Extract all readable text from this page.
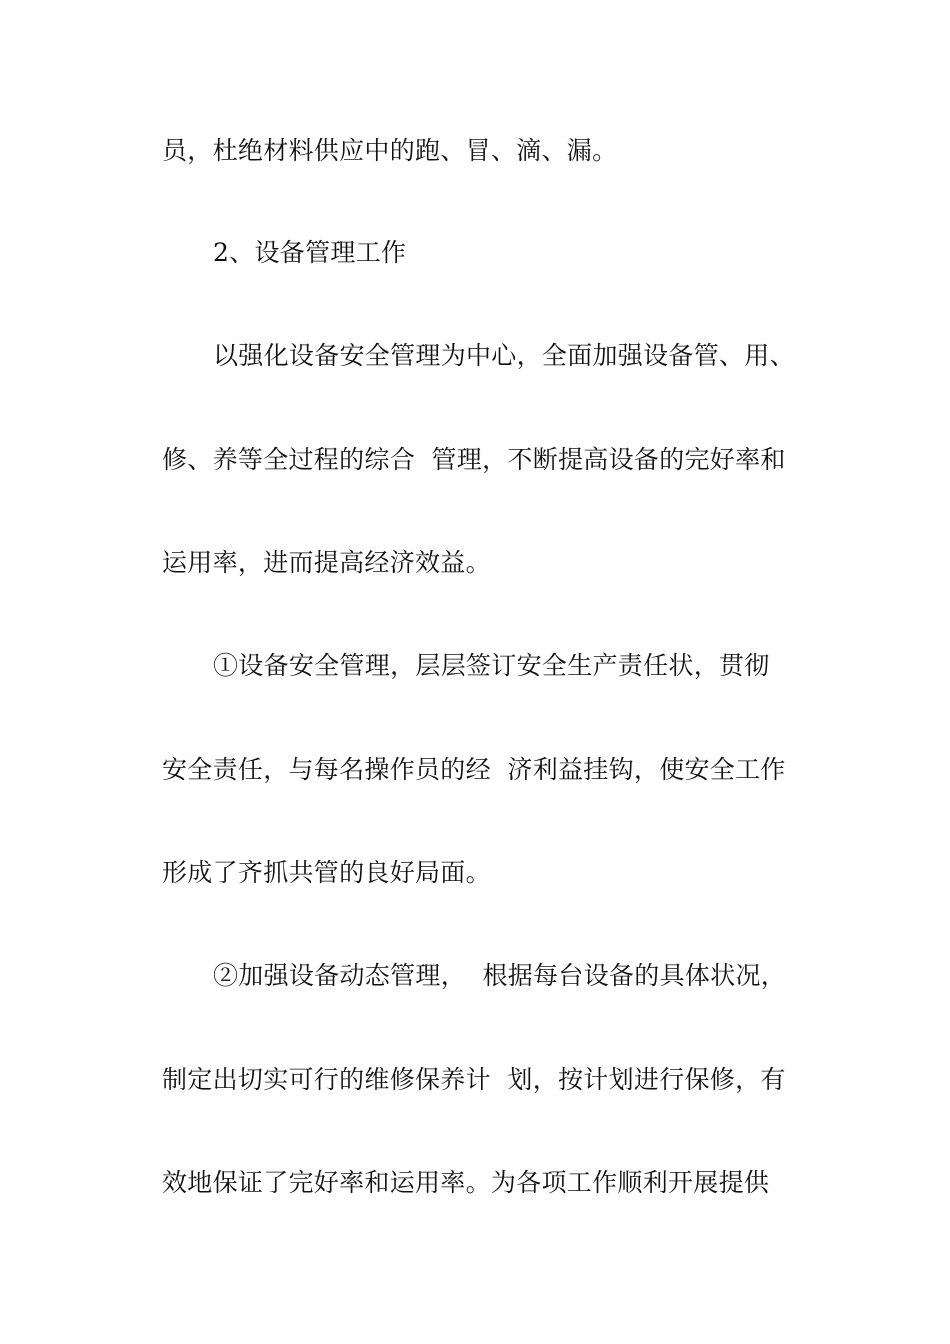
员，杜绝材料供应中的跑、冒、滴、漏。
2、设备管理工作
以强化设备安全管理为中心，全面加强设备管、用、
修、养等全过程的综合  管理，不断提高设备的完好率和
运用率，进而提高经济效益。
①设备安全管理，层层签订安全生产责任状，贯彻
安全责任，与每名操作员的经  济利益挂钩，使安全工作
形成了齐抓共管的良好局面。
②加强设备动态管理，  根据每台设备的具体状况，
制定出切实可行的维修保养计  划，按计划进行保修，有
效地保证了完好率和运用率。为各项工作顺利开展提供
